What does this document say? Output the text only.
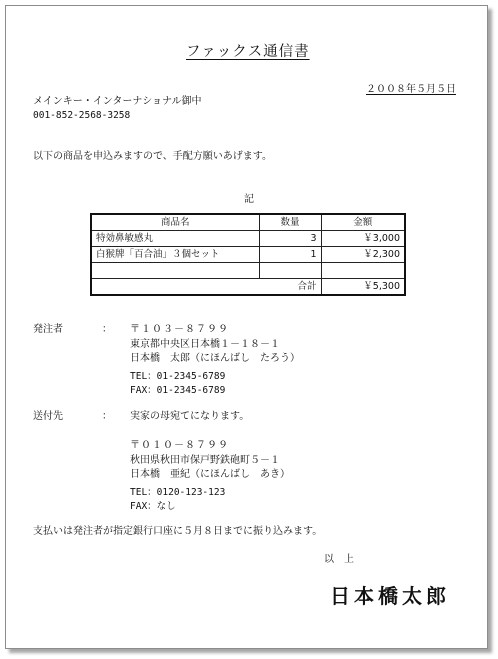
ファックス通信書
２００８年５月５日
メインキー・インターナショナル御中
001-852-2568-3258
以下の商品を申込みますので、手配方願いあげます。
記
商品名	数量	金額
特効鼻敏感丸	3	￥3,000
白猴牌「百合油」３個セット	1	￥2,300

合計		￥5,300
発注者	： 〒１０３－８７９９
東京都中央区日本橋１－１８－１
日本橋　太郎（にほんばし　たろう）
TEL：01-2345-6789
FAX：01-2345-6789
送付先	： 実家の母宛てになります。
〒０１０－８７９９
秋田県秋田市保戸野鉄砲町５－１
日本橋　亜紀（にほんばし　あき）
TEL：0120-123-123
FAX：なし
支払いは発注者が指定銀行口座に５月８日までに振り込みます。
以　上
日本橋太郎
